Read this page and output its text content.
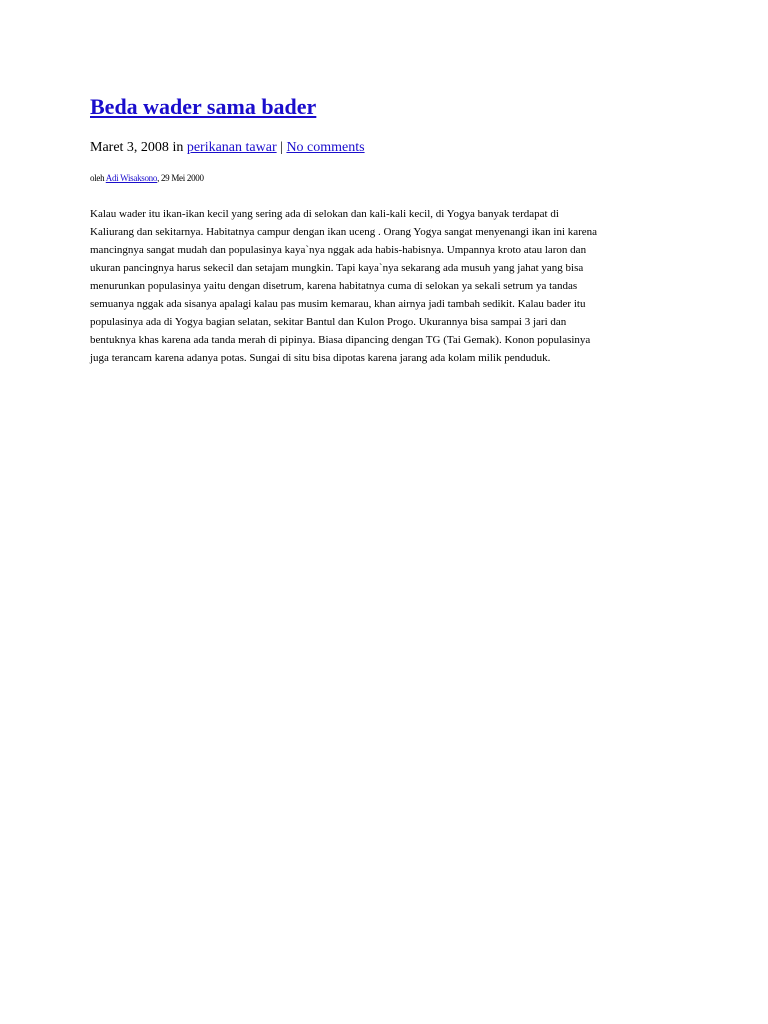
Beda wader sama bader
Maret 3, 2008 in perikanan tawar | No comments
oleh Adi Wisaksono, 29 Mei 2000
Kalau wader itu ikan-ikan kecil yang sering ada di selokan dan kali-kali kecil, di Yogya banyak terdapat di
Kaliurang dan sekitarnya. Habitatnya campur dengan ikan uceng . Orang Yogya sangat menyenangi ikan ini karena
mancingnya sangat mudah dan populasinya kaya`nya nggak ada habis-habisnya. Umpannya kroto atau laron dan
ukuran pancingnya harus sekecil dan setajam mungkin. Tapi kaya`nya sekarang ada musuh yang jahat yang bisa
menurunkan populasinya yaitu dengan disetrum, karena habitatnya cuma di selokan ya sekali setrum ya tandas
semuanya nggak ada sisanya apalagi kalau pas musim kemarau, khan airnya jadi tambah sedikit. Kalau bader itu
populasinya ada di Yogya bagian selatan, sekitar Bantul dan Kulon Progo. Ukurannya bisa sampai 3 jari dan
bentuknya khas karena ada tanda merah di pipinya. Biasa dipancing dengan TG (Tai Gemak). Konon populasinya
juga terancam karena adanya potas. Sungai di situ bisa dipotas karena jarang ada kolam milik penduduk.
